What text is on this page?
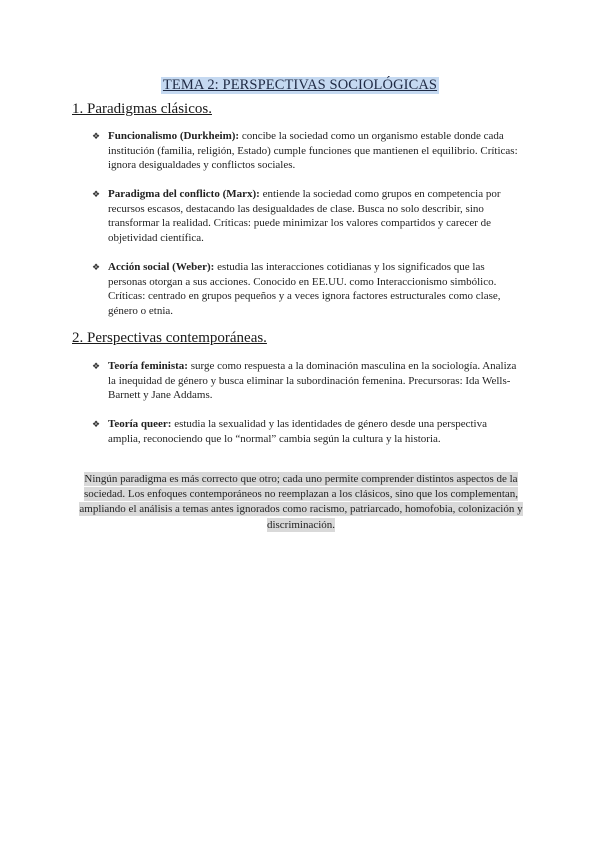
TEMA 2: PERSPECTIVAS SOCIOLÓGICAS
1. Paradigmas clásicos.
❖ Funcionalismo (Durkheim): concibe la sociedad como un organismo estable donde cada institución (familia, religión, Estado) cumple funciones que mantienen el equilibrio. Críticas: ignora desigualdades y conflictos sociales.
❖ Paradigma del conflicto (Marx): entiende la sociedad como grupos en competencia por recursos escasos, destacando las desigualdades de clase. Busca no solo describir, sino transformar la realidad. Críticas: puede minimizar los valores compartidos y carecer de objetividad científica.
❖ Acción social (Weber): estudia las interacciones cotidianas y los significados que las personas otorgan a sus acciones. Conocido en EE.UU. como Interaccionismo simbólico. Críticas: centrado en grupos pequeños y a veces ignora factores estructurales como clase, género o etnia.
2. Perspectivas contemporáneas.
❖ Teoría feminista: surge como respuesta a la dominación masculina en la sociología. Analiza la inequidad de género y busca eliminar la subordinación femenina. Precursoras: Ida Wells-Barnett y Jane Addams.
❖ Teoría queer: estudia la sexualidad y las identidades de género desde una perspectiva amplia, reconociendo que lo “normal” cambia según la cultura y la historia.
Ningún paradigma es más correcto que otro; cada uno permite comprender distintos aspectos de la sociedad. Los enfoques contemporáneos no reemplazan a los clásicos, sino que los complementan, ampliando el análisis a temas antes ignorados como racismo, patriarcado, homofobia, colonización y discriminación.
